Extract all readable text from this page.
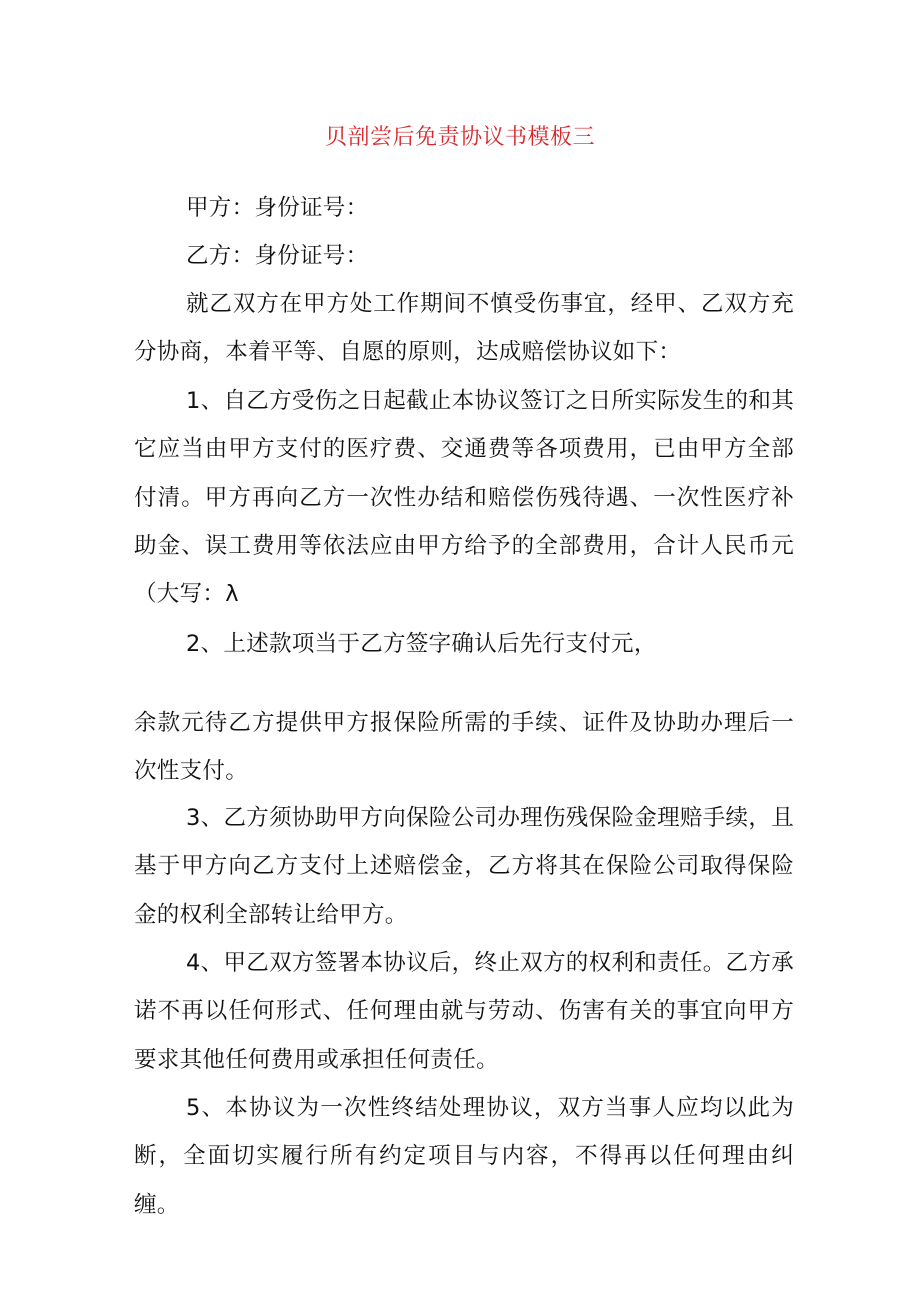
贝剖尝后免责协议书模板三

甲方：身份证号：

乙方：身份证号：

就乙双方在甲方处工作期间不慎受伤事宜，经甲、乙双方充分协商，本着平等、自愿的原则，达成赔偿协议如下：

1、自乙方受伤之日起截止本协议签订之日所实际发生的和其它应当由甲方支付的医疗费、交通费等各项费用，已由甲方全部付清。甲方再向乙方一次性办结和赔偿伤残待遇、一次性医疗补助金、误工费用等依法应由甲方给予的全部费用，合计人民币元（大写：λ

2、上述款项当于乙方签字确认后先行支付元，

余款元待乙方提供甲方报保险所需的手续、证件及协助办理后一次性支付。

3、乙方须协助甲方向保险公司办理伤残保险金理赔手续，且基于甲方向乙方支付上述赔偿金，乙方将其在保险公司取得保险金的权利全部转让给甲方。

4、甲乙双方签署本协议后，终止双方的权利和责任。乙方承诺不再以任何形式、任何理由就与劳动、伤害有关的事宜向甲方要求其他任何费用或承担任何责任。

5、本协议为一次性终结处理协议，双方当事人应均以此为断，全面切实履行所有约定项目与内容，不得再以任何理由纠缠。
